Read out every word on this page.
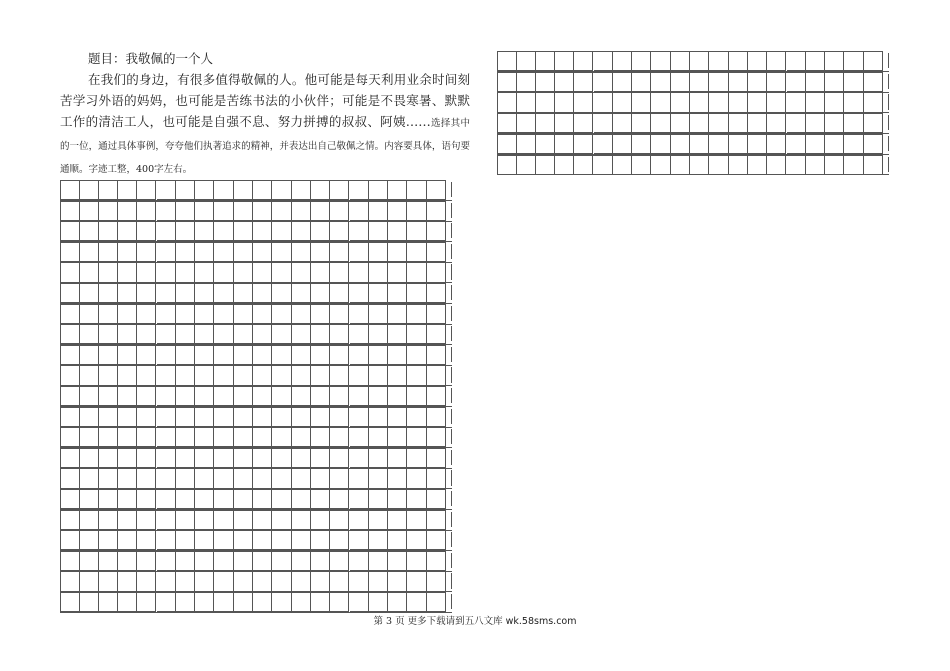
题目：我敬佩的一个人
在我们的身边，有很多值得敬佩的人。他可能是每天利用业余时间刻苦学习外语的妈妈，也可能是苦练书法的小伙伴；可能是不畏寒暑、默默工作的清洁工人，也可能是自强不息、努力拼搏的叔叔、阿姨……选择其中的一位，通过具体事例，夸夸他们执著追求的精神，并表达出自己敬佩之情。内容要具体，语句要通顺。字迹工整，400字左右。
第 3 页 更多下载请到五八文库 wk.58sms.com
